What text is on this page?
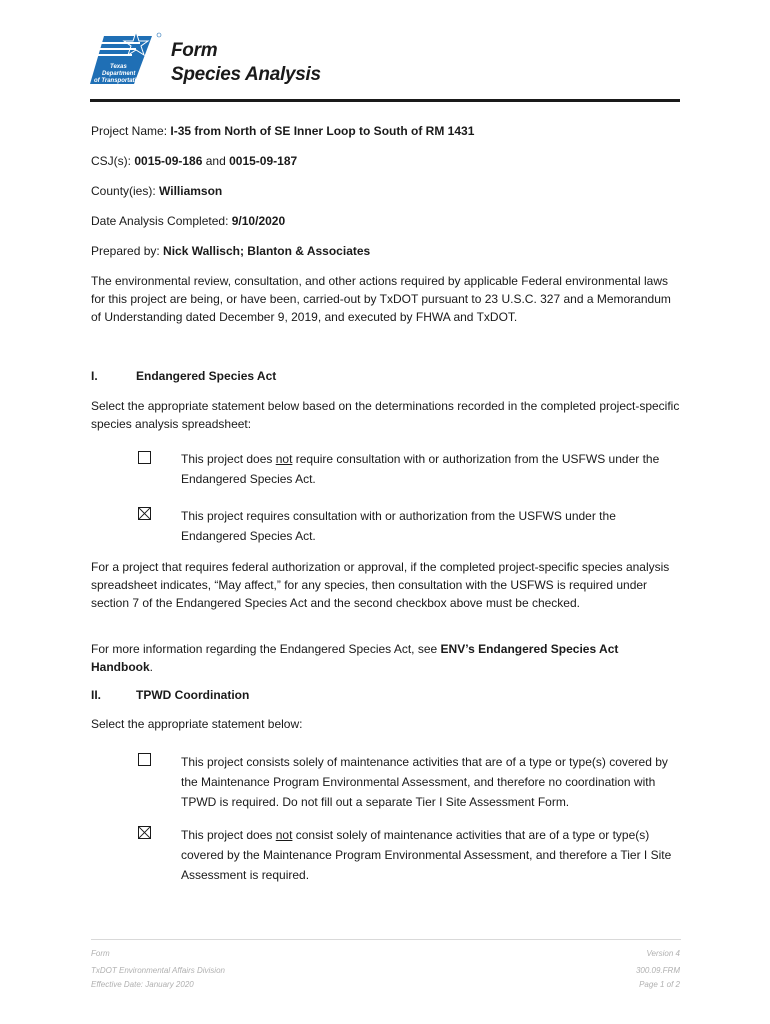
Texas
Department
of Transportation
Form
Species Analysis
Project Name: I-35 from North of SE Inner Loop to South of RM 1431
CSJ(s): 0015-09-186 and 0015-09-187
County(ies): Williamson
Date Analysis Completed: 9/10/2020
Prepared by: Nick Wallisch; Blanton & Associates
The environmental review, consultation, and other actions required by applicable Federal environmental laws for this project are being, or have been, carried-out by TxDOT pursuant to 23 U.S.C. 327 and a Memorandum of Understanding dated December 9, 2019, and executed by FHWA and TxDOT.
I.	Endangered Species Act
Select the appropriate statement below based on the determinations recorded in the completed project-specific species analysis spreadsheet:
This project does not require consultation with or authorization from the USFWS under the Endangered Species Act.
This project requires consultation with or authorization from the USFWS under the Endangered Species Act.
For a project that requires federal authorization or approval, if the completed project-specific species analysis spreadsheet indicates, “May affect,” for any species, then consultation with the USFWS is required under section 7 of the Endangered Species Act and the second checkbox above must be checked.
For more information regarding the Endangered Species Act, see ENV’s Endangered Species Act Handbook.
II.	TPWD Coordination
Select the appropriate statement below:
This project consists solely of maintenance activities that are of a type or type(s) covered by the Maintenance Program Environmental Assessment, and therefore no coordination with TPWD is required. Do not fill out a separate Tier I Site Assessment Form.
This project does not consist solely of maintenance activities that are of a type or type(s) covered by the Maintenance Program Environmental Assessment, and therefore a Tier I Site Assessment is required.
Form
TxDOT Environmental Affairs Division
Effective Date: January 2020
Version 4
300.09.FRM
Page 1 of 2
